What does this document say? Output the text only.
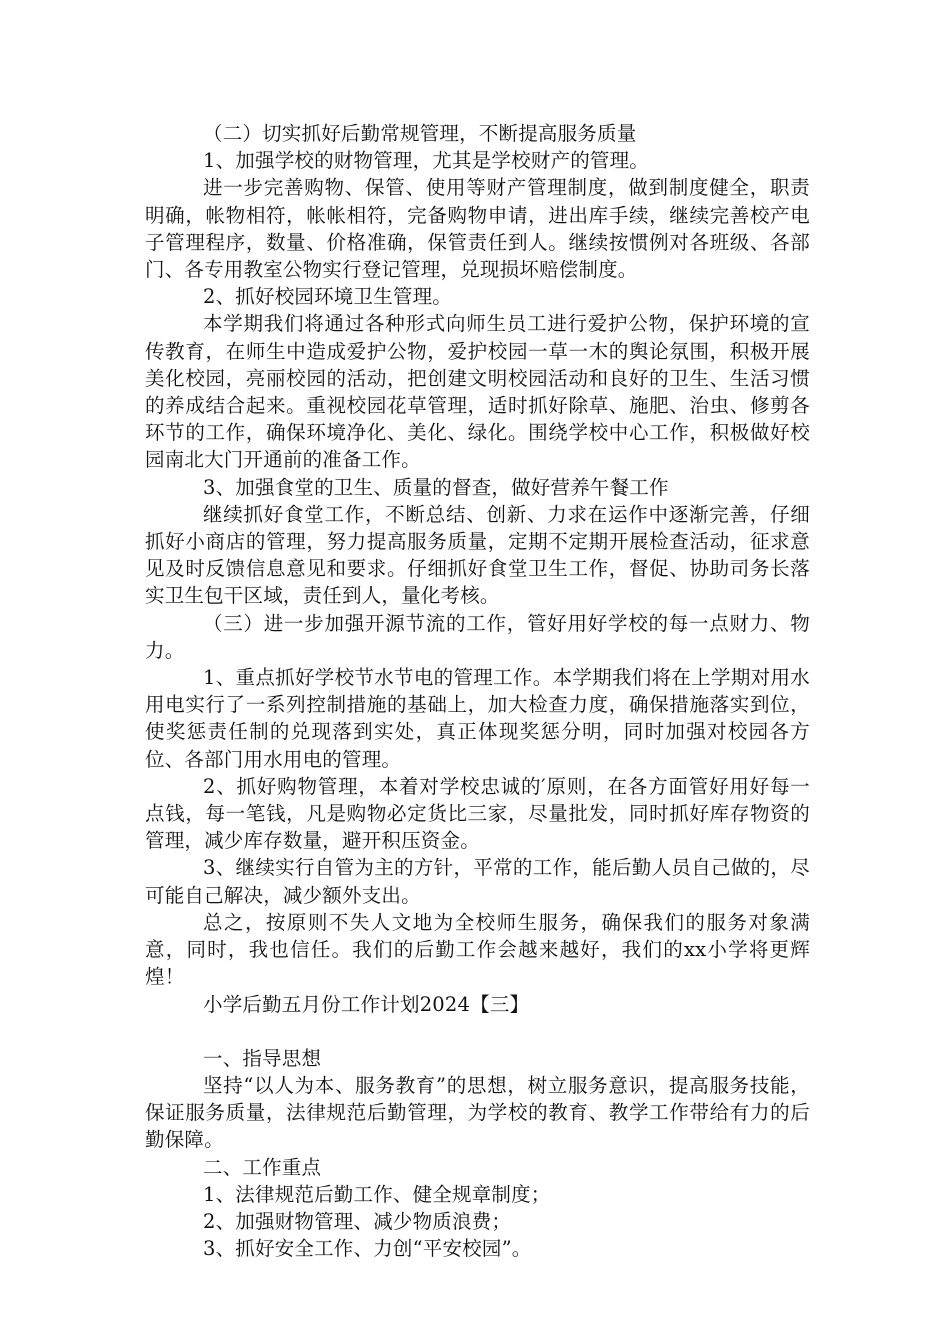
（二）切实抓好后勤常规管理，不断提高服务质量

1、加强学校的财物管理，尤其是学校财产的管理。

进一步完善购物、保管、使用等财产管理制度，做到制度健全，职责明确，帐物相符，帐帐相符，完备购物申请，进出库手续，继续完善校产电子管理程序，数量、价格准确，保管责任到人。继续按惯例对各班级、各部门、各专用教室公物实行登记管理，兑现损坏赔偿制度。

2、抓好校园环境卫生管理。

本学期我们将通过各种形式向师生员工进行爱护公物，保护环境的宣传教育，在师生中造成爱护公物，爱护校园一草一木的舆论氛围，积极开展美化校园，亮丽校园的活动，把创建文明校园活动和良好的卫生、生活习惯的养成结合起来。重视校园花草管理，适时抓好除草、施肥、治虫、修剪各环节的工作，确保环境净化、美化、绿化。围绕学校中心工作，积极做好校园南北大门开通前的准备工作。

3、加强食堂的卫生、质量的督查，做好营养午餐工作

继续抓好食堂工作，不断总结、创新、力求在运作中逐渐完善，仔细抓好小商店的管理，努力提高服务质量，定期不定期开展检查活动，征求意见及时反馈信息意见和要求。仔细抓好食堂卫生工作，督促、协助司务长落实卫生包干区域，责任到人，量化考核。

（三）进一步加强开源节流的工作，管好用好学校的每一点财力、物力。

1、重点抓好学校节水节电的管理工作。本学期我们将在上学期对用水用电实行了一系列控制措施的基础上，加大检查力度，确保措施落实到位，使奖惩责任制的兑现落到实处，真正体现奖惩分明，同时加强对校园各方位、各部门用水用电的管理。

2、抓好购物管理，本着对学校忠诚的′原则，在各方面管好用好每一点钱，每一笔钱，凡是购物必定货比三家，尽量批发，同时抓好库存物资的管理，减少库存数量，避开积压资金。

3、继续实行自管为主的方针，平常的工作，能后勤人员自己做的，尽可能自己解决，减少额外支出。

总之，按原则不失人文地为全校师生服务，确保我们的服务对象满意，同时，我也信任。我们的后勤工作会越来越好，我们的xx小学将更辉煌！

小学后勤五月份工作计划2024【三】

一、指导思想

坚持“以人为本、服务教育”的思想，树立服务意识，提高服务技能，保证服务质量，法律规范后勤管理，为学校的教育、教学工作带给有力的后勤保障。

二、工作重点

1、法律规范后勤工作、健全规章制度；

2、加强财物管理、减少物质浪费；

3、抓好安全工作、力创“平安校园”。
